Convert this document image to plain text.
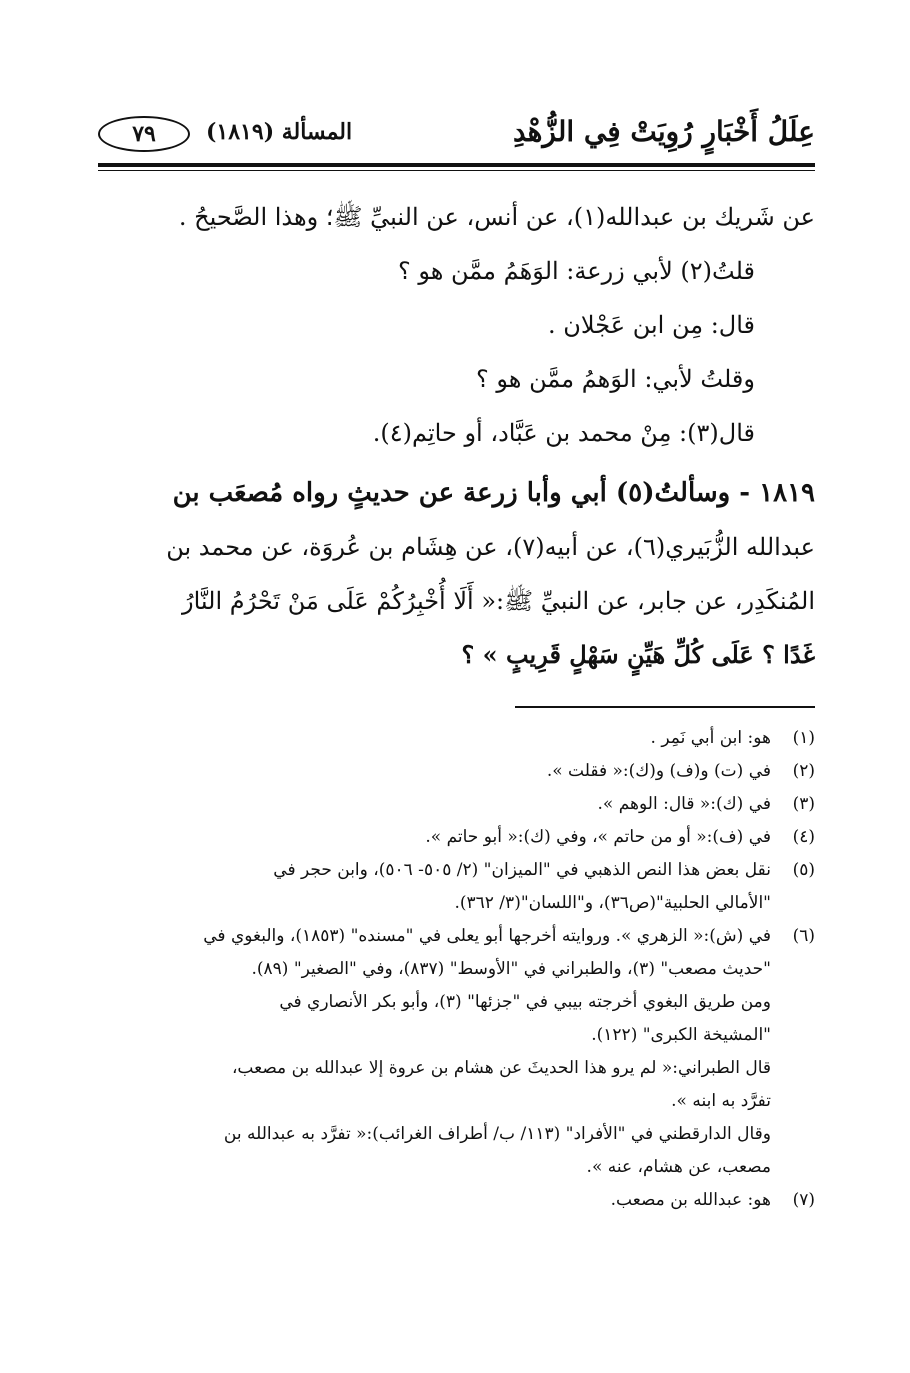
عِلَلُ أَخْبَارٍ رُوِيَتْ فِي الزُّهْدِ
المسألة (١٨١٩)
٧٩
عن شَريك بن عبدالله(١)، عن أنس، عن النبيِّ ﷺ؛ وهذا الصَّحيحُ .
قلتُ(٢) لأبي زرعة: الوَهَمُ ممَّن هو ؟
قال: مِن ابن عَجْلان .
وقلتُ لأبي: الوَهمُ ممَّن هو ؟
قال(٣): مِنْ محمد بن عَبَّاد، أو حاتِم(٤).
١٨١٩ - وسألتُ(٥) أبي وأبا زرعة عن حديثٍ رواه مُصعَب بن
عبدالله الزُّبَيري(٦)، عن أبيه(٧)، عن هِشَام بن عُروَة، عن محمد بن
المُنكَدِر، عن جابر، عن النبيِّ ﷺ:« أَلَا أُخْبِرُكُمْ عَلَى مَنْ تَحْرُمُ النَّارُ
غَدًا ؟ عَلَى كُلِّ هَيِّنٍ سَهْلٍ قَرِيبٍ » ؟
(١)
هو: ابن أبي نَمِر .
(٢)
في (ت) و(ف) و(ك):« فقلت ».
(٣)
في (ك):« قال: الوهم ».
(٤)
في (ف):« أو من حاتم »، وفي (ك):« أبو حاتم ».
(٥)
نقل بعض هذا النص الذهبي في "الميزان" (٢/ ٥٠٥- ٥٠٦)، وابن حجر في
"الأمالي الحلبية"(ص٣٦)، و"اللسان"(٣/ ٣٦٢).
(٦)
في (ش):« الزهري ». وروايته أخرجها أبو يعلى في "مسنده" (١٨٥٣)، والبغوي في
"حديث مصعب" (٣)، والطبراني في "الأوسط" (٨٣٧)، وفي "الصغير" (٨٩).
ومن طريق البغوي أخرجته بيبي في "جزئها" (٣)، وأبو بكر الأنصاري في
"المشيخة الكبرى" (١٢٢).
قال الطبراني:« لم يرو هذا الحديثَ عن هشام بن عروة إلا عبدالله بن مصعب،
تفرَّد به ابنه ».
وقال الدارقطني في "الأفراد" (١١٣/ ب/ أطراف الغرائب):« تفرَّد به عبدالله بن
مصعب، عن هشام، عنه ».
(٧)
هو: عبدالله بن مصعب.
